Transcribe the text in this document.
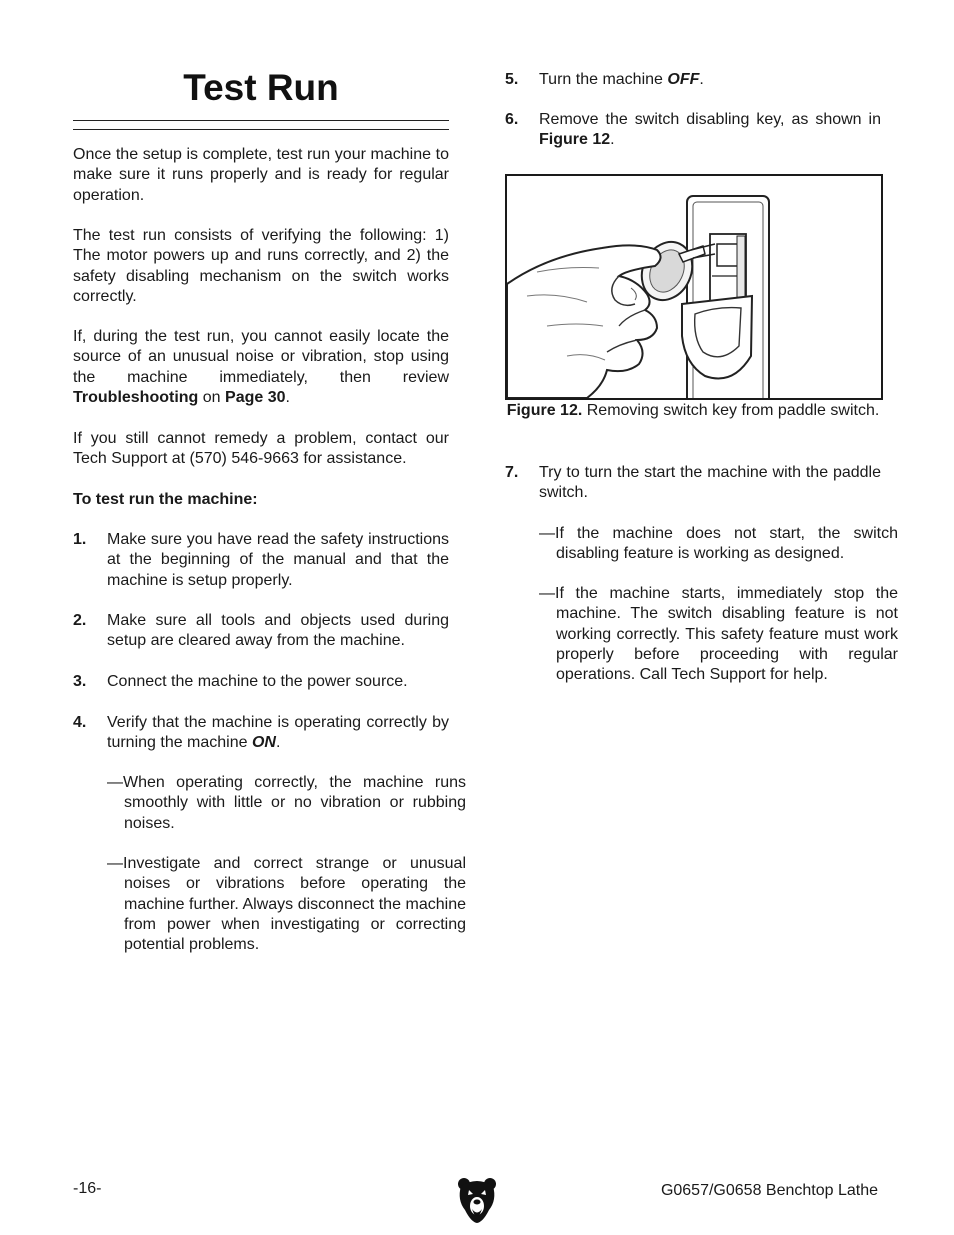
Test Run
Once the setup is complete, test run your machine to make sure it runs properly and is ready for regular operation.
The test run consists of verifying the following: 1) The motor powers up and runs correctly, and 2) the safety disabling mechanism on the switch works correctly.
If, during the test run, you cannot easily locate the source of an unusual noise or vibration, stop using the machine immediately, then review Troubleshooting on Page 30.
If you still cannot remedy a problem, contact our Tech Support at (570) 546-9663 for assistance.
To test run the machine:
1. Make sure you have read the safety instructions at the beginning of the manual and that the machine is setup properly.
2. Make sure all tools and objects used during setup are cleared away from the machine.
3. Connect the machine to the power source.
4. Verify that the machine is operating correctly by turning the machine ON.
—When operating correctly, the machine runs smoothly with little or no vibration or rubbing noises.
—Investigate and correct strange or unusual noises or vibrations before operating the machine further. Always disconnect the machine from power when investigating or correcting potential problems.
5. Turn the machine OFF.
6. Remove the switch disabling key, as shown in Figure 12.
Figure 12. Removing switch key from paddle switch.
7. Try to turn the start the machine with the paddle switch.
—If the machine does not start, the switch disabling feature is working as designed.
—If the machine starts, immediately stop the machine. The switch disabling feature is not working correctly. This safety feature must work properly before proceeding with regular operations. Call Tech Support for help.
-16-	G0657/G0658 Benchtop Lathe
